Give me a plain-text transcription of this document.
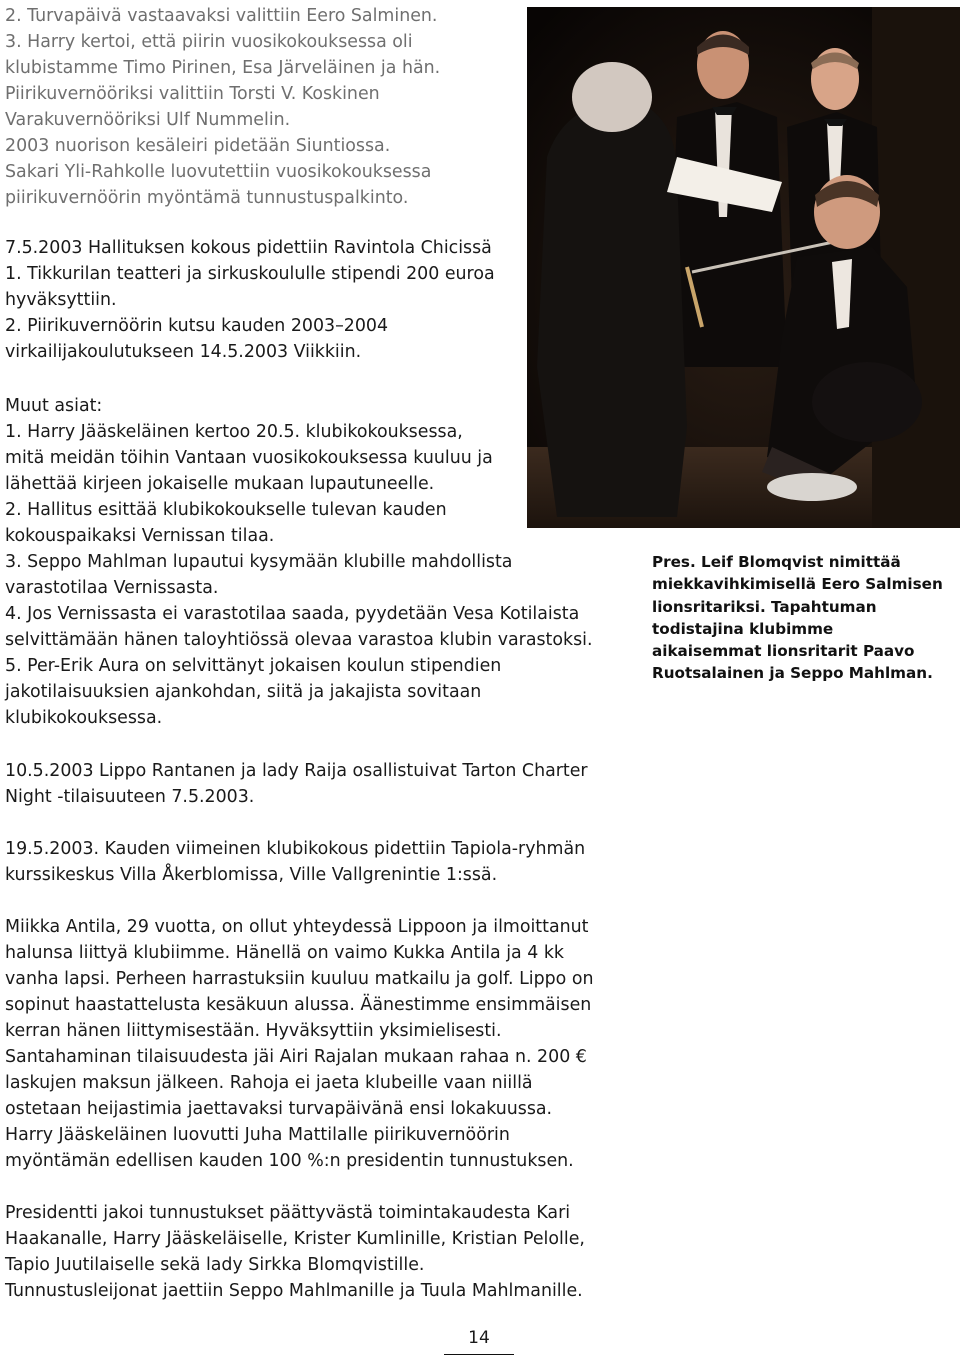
2. Turvapäivä vastaavaksi valittiin Eero Salminen.
3. Harry kertoi, että piirin vuosikokouksessa oli
klubistamme Timo Pirinen, Esa Järveläinen ja hän.
Piirikuvernööriksi valittiin Torsti V. Koskinen
Varakuvernööriksi Ulf Nummelin.
2003 nuorison kesäleiri pidetään Siuntiossa.
Sakari Yli-Rahkolle luovutettiin vuosikokouksessa
piirikuvernöörin myöntämä tunnustuspalkinto.
7.5.2003 Hallituksen kokous pidettiin Ravintola Chicissä
1. Tikkurilan teatteri ja sirkuskoululle stipendi 200 euroa
hyväksyttiin.
2. Piirikuvernöörin kutsu kauden 2003–2004
virkailijakoulutukseen 14.5.2003 Viikkiin.
Muut asiat:
1. Harry Jääskeläinen kertoo 20.5. klubikokouksessa,
mitä meidän töihin Vantaan vuosikokouksessa kuuluu ja
lähettää kirjeen jokaiselle mukaan lupautuneelle.
2. Hallitus esittää klubikokoukselle tulevan kauden
kokouspaikaksi Vernissan tilaa.
3. Seppo Mahlman lupautui kysymään klubille mahdollista
varastotilaa Vernissasta.
4. Jos Vernissasta ei varastotilaa saada, pyydetään Vesa Kotilaista
selvittämään hänen taloyhtiössä olevaa varastoa klubin varastoksi.
5. Per-Erik Aura on selvittänyt jokaisen koulun stipendien
jakotilaisuuksien ajankohdan, siitä ja jakajista sovitaan
klubikokouksessa.
10.5.2003 Lippo Rantanen ja lady Raija osallistuivat Tarton Charter
Night -tilaisuuteen 7.5.2003.
19.5.2003. Kauden viimeinen klubikokous pidettiin Tapiola-ryhmän
kurssikeskus Villa Åkerblomissa, Ville Vallgrenintie 1:ssä.
Miikka Antila, 29 vuotta, on ollut yhteydessä Lippoon ja ilmoittanut
halunsa liittyä klubiimme. Hänellä on vaimo Kukka Antila ja 4 kk
vanha lapsi. Perheen harrastuksiin kuuluu matkailu ja golf. Lippo on
sopinut haastattelusta kesäkuun alussa. Äänestimme ensimmäisen
kerran hänen liittymisestään. Hyväksyttiin yksimielisesti.
Santahaminan tilaisuudesta jäi Airi Rajalan mukaan rahaa n. 200 €
laskujen maksun jälkeen. Rahoja ei jaeta klubeille vaan niillä
ostetaan heijastimia jaettavaksi turvapäivänä ensi lokakuussa.
Harry Jääskeläinen luovutti Juha Mattilalle piirikuvernöörin
myöntämän edellisen kauden 100 %:n presidentin tunnustuksen.
Presidentti jakoi tunnustukset päättyvästä toimintakaudesta Kari
Haakanalle, Harry Jääskeläiselle, Krister Kumlinille, Kristian Pelolle,
Tapio Juutilaiselle sekä lady Sirkka Blomqvistille.
Tunnustusleijonat jaettiin Seppo Mahlmanille ja Tuula Mahlmanille.
Pres. Leif Blomqvist nimittää
miekkavihkimisellä Eero Salmisen
lionsritariksi. Tapahtuman
todistajina klubimme
aikaisemmat lionsritarit Paavo
Ruotsalainen ja Seppo Mahlman.
14
